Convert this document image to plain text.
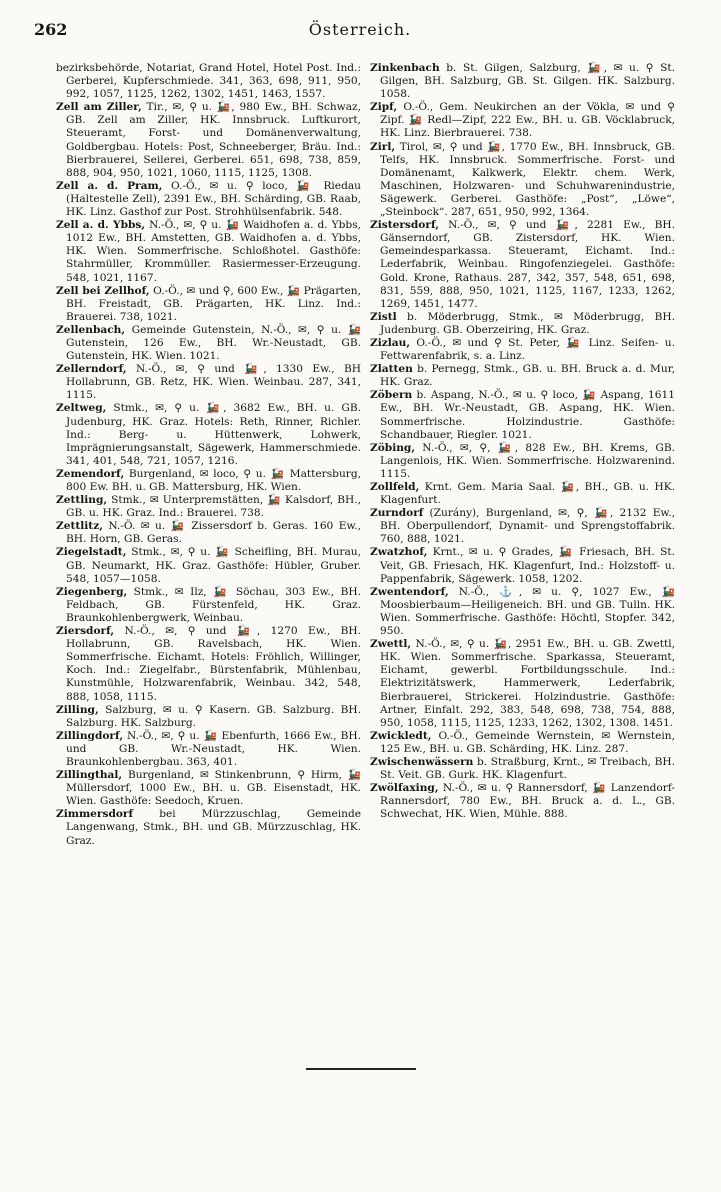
262	Österreich.

bezirksbehörde, Notariat, Grand Hotel, Hotel Post. Ind.: Gerberei, Kupferschmiede. 341, 363, 698, 911, 950, 992, 1057, 1125, 1262, 1302, 1451, 1463, 1557.

Zell am Ziller, Tir., ✉, ⚲ u. 🚂, 980 Ew., BH. Schwaz, GB. Zell am Ziller, HK. Innsbruck. Luftkurort, Steueramt, Forst- und Domänenverwaltung, Goldbergbau. Hotels: Post, Schneeberger, Bräu. Ind.: Bierbrauerei, Seilerei, Gerberei. 651, 698, 738, 859, 888, 904, 950, 1021, 1060, 1115, 1125, 1308.

Zell a. d. Pram, O.-Ö., ✉ u. ⚲ loco, 🚂 Riedau (Haltestelle Zell), 2391 Ew., BH. Schärding, GB. Raab, HK. Linz. Gasthof zur Post. Strohhülsenfabrik. 548.

Zell a. d. Ybbs, N.-Ö., ✉, ⚲ u. 🚂 Waidhofen a. d. Ybbs, 1012 Ew., BH. Amstetten, GB. Waidhofen a. d. Ybbs, HK. Wien. Sommerfrische. Schloßhotel. Gasthöfe: Stahrmüller, Krommüller. Rasiermesser-Erzeugung. 548, 1021, 1167.

Zell bei Zellhof, O.-Ö., ✉ und ⚲, 600 Ew., 🚂 Prägarten, BH. Freistadt, GB. Prägarten, HK. Linz. Ind.: Brauerei. 738, 1021.

Zellenbach, Gemeinde Gutenstein, N.-Ö., ✉, ⚲ u. 🚂 Gutenstein, 126 Ew., BH. Wr.-Neustadt, GB. Gutenstein, HK. Wien. 1021.

Zellerndorf, N.-Ö., ✉, ⚲ und 🚂, 1330 Ew., BH Hollabrunn, GB. Retz, HK. Wien. Weinbau. 287, 341, 1115.

Zeltweg, Stmk., ✉, ⚲ u. 🚂, 3682 Ew., BH. u. GB. Judenburg, HK. Graz. Hotels: Reth, Rinner, Richler. Ind.: Berg- u. Hüttenwerk, Lohwerk, Imprägnierungsanstalt, Sägewerk, Hammerschmiede. 341, 401, 548, 721, 1057, 1216.

Zemendorf, Burgenland, ✉ loco, ⚲ u. 🚂 Mattersburg, 800 Ew. BH. u. GB. Mattersburg, HK. Wien.

Zettling, Stmk., ✉ Unterpremstätten, 🚂 Kalsdorf, BH., GB. u. HK. Graz. Ind.: Brauerei. 738.

Zettlitz, N.-Ö. ✉ u. 🚂 Zissersdorf b. Geras. 160 Ew., BH. Horn, GB. Geras.

Ziegelstadt, Stmk., ✉, ⚲ u. 🚂 Scheifling, BH. Murau, GB. Neumarkt, HK. Graz. Gasthöfe: Hübler, Gruber. 548, 1057—1058.

Ziegenberg, Stmk., ✉ Ilz, 🚂 Söchau, 303 Ew., BH. Feldbach, GB. Fürstenfeld, HK. Graz. Braunkohlenbergwerk, Weinbau.

Ziersdorf, N.-Ö., ✉, ⚲ und 🚂, 1270 Ew., BH. Hollabrunn, GB. Ravelsbach, HK. Wien. Sommerfrische. Eichamt. Hotels: Fröhlich, Willinger, Koch. Ind.: Ziegelfabr., Bürstenfabrik, Mühlenbau, Kunstmühle, Holzwarenfabrik, Weinbau. 342, 548, 888, 1058, 1115.

Zilling, Salzburg, ✉ u. ⚲ Kasern. GB. Salzburg. BH. Salzburg. HK. Salzburg.

Zillingdorf, N.-Ö., ✉, ⚲ u. 🚂 Ebenfurth, 1666 Ew., BH. und GB. Wr.-Neustadt, HK. Wien. Braunkohlenbergbau. 363, 401.

Zillingthal, Burgenland, ✉ Stinkenbrunn, ⚲ Hirm, 🚂 Müllersdorf, 1000 Ew., BH. u. GB. Eisenstadt, HK. Wien. Gasthöfe: Seedoch, Kruen.

Zimmersdorf bei Mürzzuschlag, Gemeinde Langenwang, Stmk., BH. und GB. Mürzzuschlag, HK. Graz.

Zinkenbach b. St. Gilgen, Salzburg, 🚂, ✉ u. ⚲ St. Gilgen, BH. Salzburg, GB. St. Gilgen. HK. Salzburg. 1058.

Zipf, O.-Ö., Gem. Neukirchen an der Vökla, ✉ und ⚲ Zipf. 🚂 Redl—Zipf, 222 Ew., BH. u. GB. Vöcklabruck, HK. Linz. Bierbrauerei. 738.

Zirl, Tirol, ✉, ⚲ und 🚂, 1770 Ew., BH. Innsbruck, GB. Telfs, HK. Innsbruck. Sommerfrische. Forst- und Domänenamt, Kalkwerk, Elektr. chem. Werk, Maschinen, Holzwaren- und Schuhwarenindustrie, Sägewerk. Gerberei. Gasthöfe: „Post“, „Löwe“, „Steinbock“. 287, 651, 950, 992, 1364.

Zistersdorf, N.-Ö., ✉, ⚲ und 🚂, 2281 Ew., BH. Gänserndorf, GB. Zistersdorf, HK. Wien. Gemeindesparkassa. Steueramt, Eichamt. Ind.: Lederfabrik, Weinbau. Ringofenziegelei. Gasthöfe: Gold. Krone, Rathaus. 287, 342, 357, 548, 651, 698, 831, 559, 888, 950, 1021, 1125, 1167, 1233, 1262, 1269, 1451, 1477.

Zistl b. Möderbrugg, Stmk., ✉ Möderbrugg, BH. Judenburg. GB. Oberzeiring, HK. Graz.

Zizlau, O.-Ö., ✉ und ⚲ St. Peter, 🚂 Linz. Seifen- u. Fettwarenfabrik, s. a. Linz.

Zlatten b. Pernegg, Stmk., GB. u. BH. Bruck a. d. Mur, HK. Graz.

Zöbern b. Aspang, N.-Ö., ✉ u. ⚲ loco, 🚂 Aspang, 1611 Ew., BH. Wr.-Neustadt, GB. Aspang, HK. Wien. Sommerfrische. Holzindustrie. Gasthöfe: Schandbauer, Riegler. 1021.

Zöbing, N.-Ö., ✉, ⚲, 🚂, 828 Ew., BH. Krems, GB. Langenlois, HK. Wien. Sommerfrische. Holzwarenind. 1115.

Zollfeld, Krnt. Gem. Maria Saal. 🚂, BH., GB. u. HK. Klagenfurt.

Zurndorf (Zurány), Burgenland, ✉, ⚲, 🚂, 2132 Ew., BH. Oberpullendorf, Dynamit- und Sprengstoffabrik. 760, 888, 1021.

Zwatzhof, Krnt., ✉ u. ⚲ Grades, 🚂 Friesach, BH. St. Veit, GB. Friesach, HK. Klagenfurt, Ind.: Holzstoff- u. Pappenfabrik, Sägewerk. 1058, 1202.

Zwentendorf, N.-Ö., ⚓, ✉ u. ⚲, 1027 Ew., 🚂 Moosbierbaum—Heiligeneich. BH. und GB. Tulln. HK. Wien. Sommerfrische. Gasthöfe: Höchtl, Stopfer. 342, 950.

Zwettl, N.-Ö., ✉, ⚲ u. 🚂, 2951 Ew., BH. u. GB. Zwettl, HK. Wien. Sommerfrische. Sparkassa, Steueramt, Eichamt, gewerbl. Fortbildungsschule. Ind.: Elektrizitätswerk, Hammerwerk, Lederfabrik, Bierbrauerei, Strickerei. Holzindustrie. Gasthöfe: Artner, Einfalt. 292, 383, 548, 698, 738, 754, 888, 950, 1058, 1115, 1125, 1233, 1262, 1302, 1308. 1451.

Zwickledt, O.-Ö., Gemeinde Wernstein, ✉ Wernstein, 125 Ew., BH. u. GB. Schärding, HK. Linz. 287.

Zwischenwässern b. Straßburg, Krnt., ✉ Treibach, BH. St. Veit. GB. Gurk. HK. Klagenfurt.

Zwölfaxing, N.-Ö., ✉ u. ⚲ Rannersdorf, 🚂 Lanzendorf-Rannersdorf, 780 Ew., BH. Bruck a. d. L., GB. Schwechat, HK. Wien, Mühle. 888.
